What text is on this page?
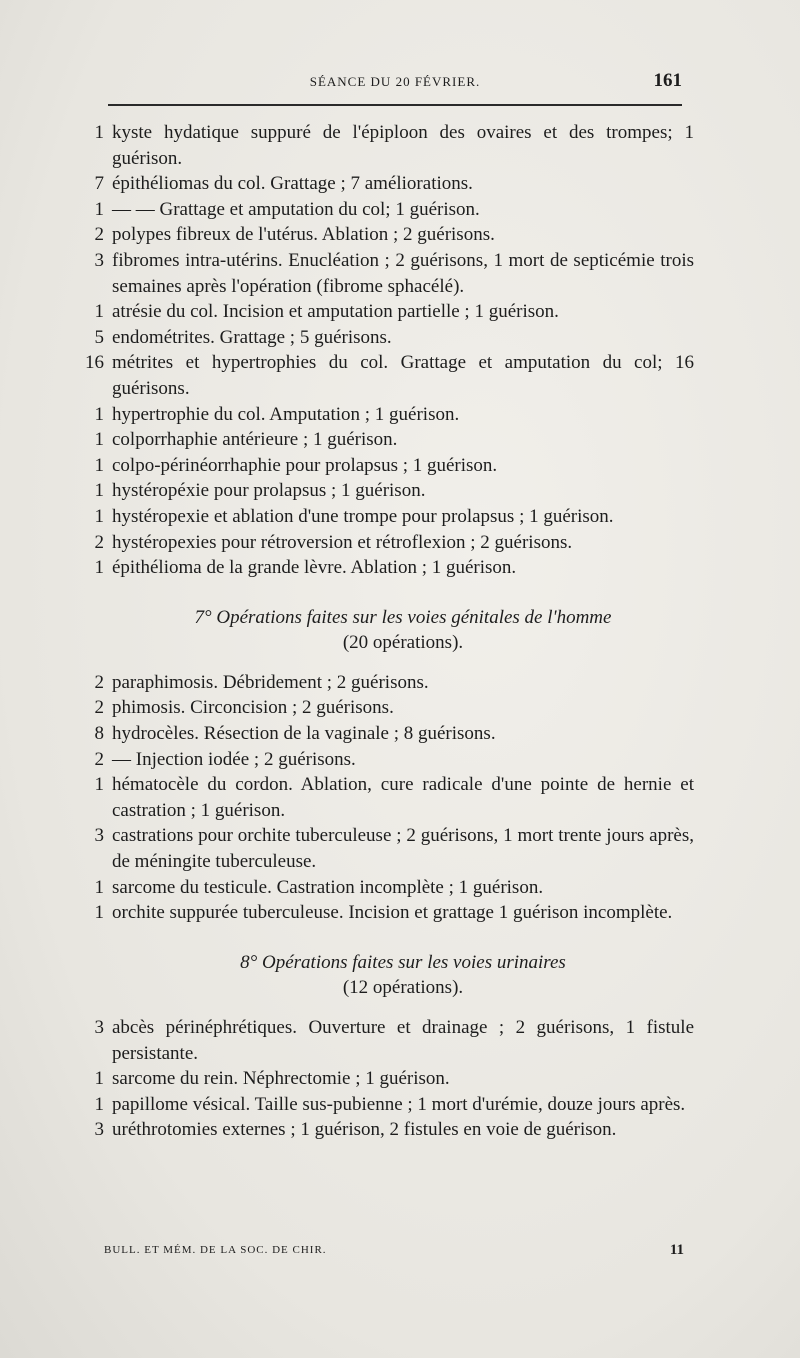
SÉANCE DU 20 FÉVRIER.	161
1 kyste hydatique suppuré de l'épiploon des ovaires et des trompes; 1 guérison.
7 épithéliomas du col. Grattage ; 7 améliorations.
1 — — Grattage et amputation du col; 1 guérison.
2 polypes fibreux de l'utérus. Ablation ; 2 guérisons.
3 fibromes intra-utérins. Enucléation ; 2 guérisons, 1 mort de septicémie trois semaines après l'opération (fibrome sphacélé).
1 atrésie du col. Incision et amputation partielle ; 1 guérison.
5 endométrites. Grattage ; 5 guérisons.
16 métrites et hypertrophies du col. Grattage et amputation du col; 16 guérisons.
1 hypertrophie du col. Amputation ; 1 guérison.
1 colporrhaphie antérieure ; 1 guérison.
1 colpo-périnéorrhaphie pour prolapsus ; 1 guérison.
1 hystéropéxie pour prolapsus ; 1 guérison.
1 hystéropexie et ablation d'une trompe pour prolapsus ; 1 guérison.
2 hystéropexies pour rétroversion et rétroflexion ; 2 guérisons.
1 épithélioma de la grande lèvre. Ablation ; 1 guérison.
7° Opérations faites sur les voies génitales de l'homme
(20 opérations).
2 paraphimosis. Débridement ; 2 guérisons.
2 phimosis. Circoncision ; 2 guérisons.
8 hydrocèles. Résection de la vaginale ; 8 guérisons.
2 — Injection iodée ; 2 guérisons.
1 hématocèle du cordon. Ablation, cure radicale d'une pointe de hernie et castration ; 1 guérison.
3 castrations pour orchite tuberculeuse ; 2 guérisons, 1 mort trente jours après, de méningite tuberculeuse.
1 sarcome du testicule. Castration incomplète ; 1 guérison.
1 orchite suppurée tuberculeuse. Incision et grattage 1 guérison incomplète.
8° Opérations faites sur les voies urinaires
(12 opérations).
3 abcès périnéphrétiques. Ouverture et drainage ; 2 guérisons, 1 fistule persistante.
1 sarcome du rein. Néphrectomie ; 1 guérison.
1 papillome vésical. Taille sus-pubienne ; 1 mort d'urémie, douze jours après.
3 uréthrotomies externes ; 1 guérison, 2 fistules en voie de guérison.
BULL. ET MÉM. DE LA SOC. DE CHIR.	11
